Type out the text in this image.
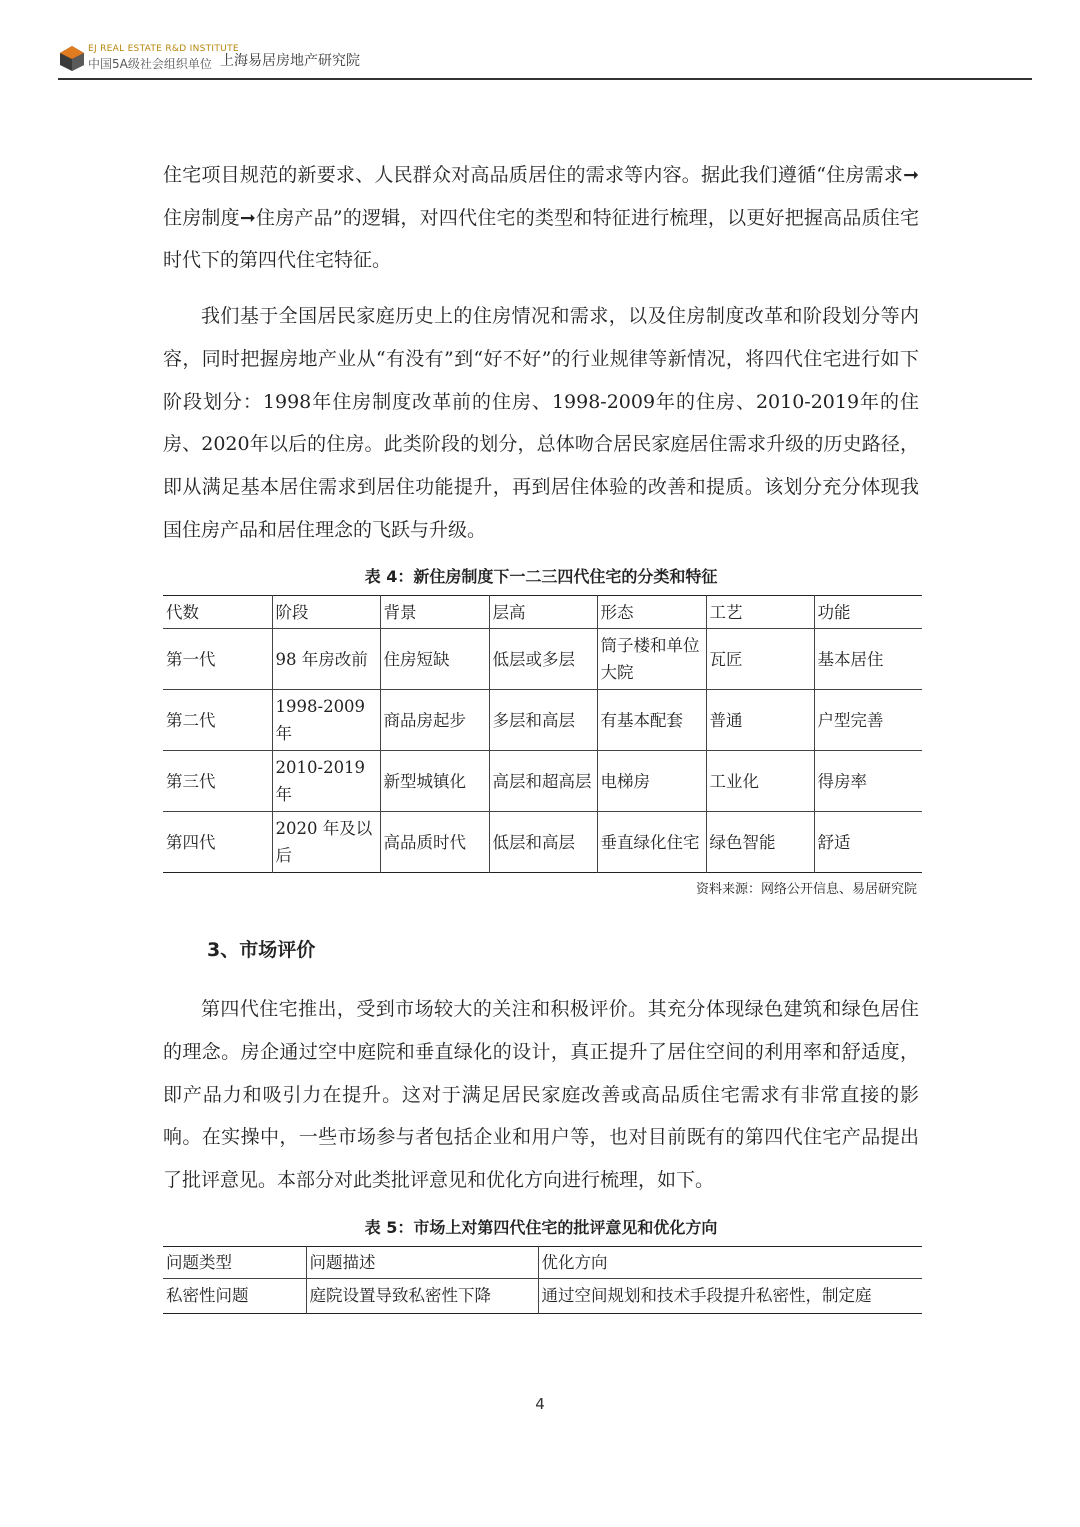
EJ REAL ESTATE R&D INSTITUTE
中国5A级社会组织单位 上海易居房地产研究院

住宅项目规范的新要求、人民群众对高品质居住的需求等内容。据此我们遵循“住房需求➞住房制度➞住房产品”的逻辑，对四代住宅的类型和特征进行梳理，以更好把握高品质住宅时代下的第四代住宅特征。

我们基于全国居民家庭历史上的住房情况和需求，以及住房制度改革和阶段划分等内容，同时把握房地产业从“有没有”到“好不好”的行业规律等新情况，将四代住宅进行如下阶段划分：1998年住房制度改革前的住房、1998-2009年的住房、2010-2019年的住房、2020年以后的住房。此类阶段的划分，总体吻合居民家庭居住需求升级的历史路径，即从满足基本居住需求到居住功能提升，再到居住体验的改善和提质。该划分充分体现我国住房产品和居住理念的飞跃与升级。

表 4：新住房制度下一二三四代住宅的分类和特征
代数	阶段	背景	层高	形态	工艺	功能
第一代	98 年房改前	住房短缺	低层或多层	筒子楼和单位大院	瓦匠	基本居住
第二代	1998-2009 年	商品房起步	多层和高层	有基本配套	普通	户型完善
第三代	2010-2019 年	新型城镇化	高层和超高层	电梯房	工业化	得房率
第四代	2020 年及以后	高品质时代	低层和高层	垂直绿化住宅	绿色智能	舒适
资料来源：网络公开信息、易居研究院
3、市场评价

第四代住宅推出，受到市场较大的关注和积极评价。其充分体现绿色建筑和绿色居住的理念。房企通过空中庭院和垂直绿化的设计，真正提升了居住空间的利用率和舒适度，即产品力和吸引力在提升。这对于满足居民家庭改善或高品质住宅需求有非常直接的影响。在实操中，一些市场参与者包括企业和用户等，也对目前既有的第四代住宅产品提出了批评意见。本部分对此类批评意见和优化方向进行梳理，如下。

表 5：市场上对第四代住宅的批评意见和优化方向
问题类型	问题描述	优化方向
私密性问题	庭院设置导致私密性下降	通过空间规划和技术手段提升私密性，制定庭
4
